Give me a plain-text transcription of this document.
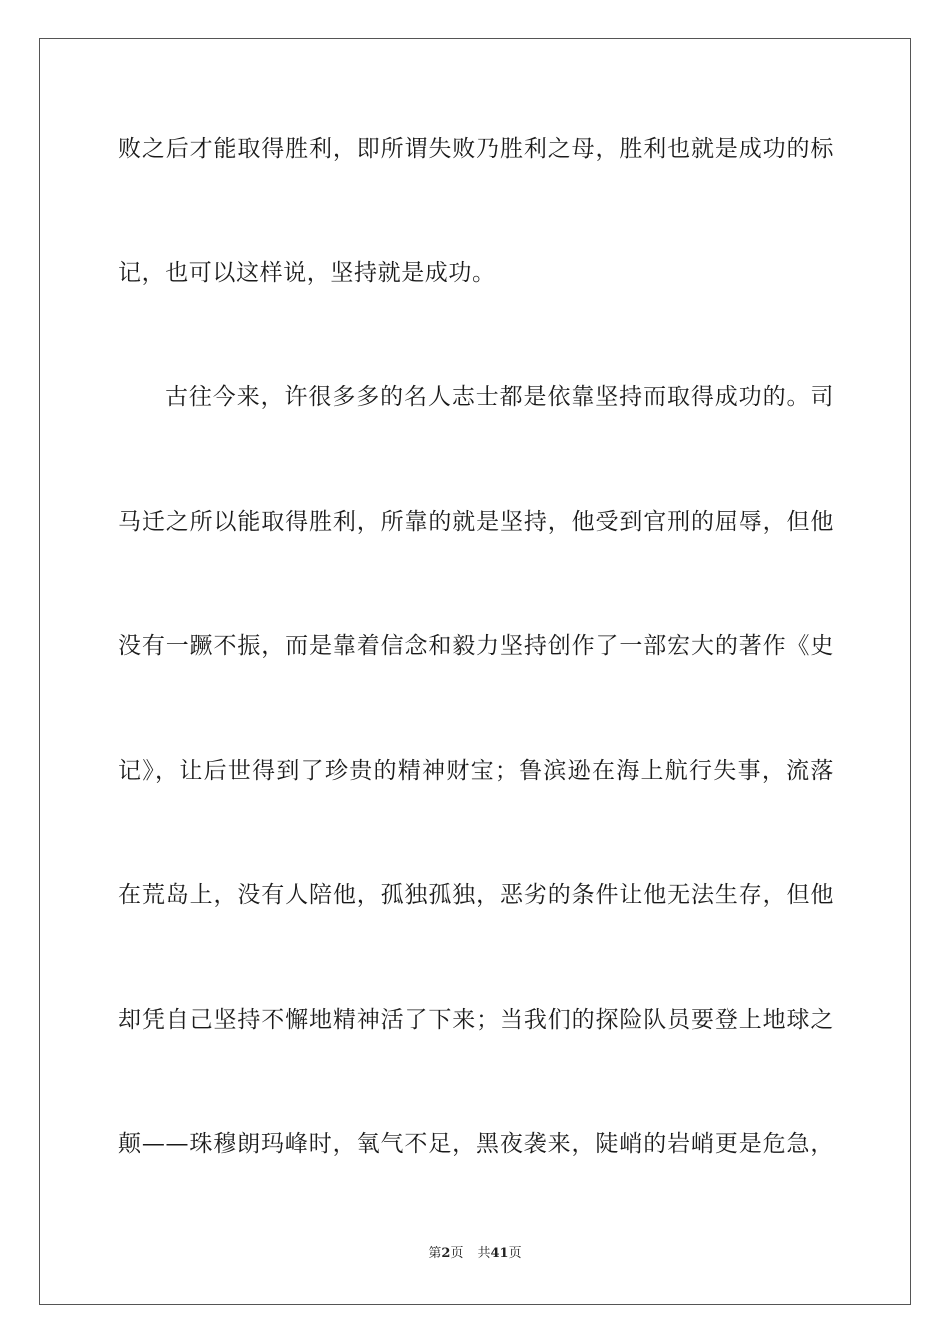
败之后才能取得胜利，即所谓失败乃胜利之母，胜利也就是成功的标
记，也可以这样说，坚持就是成功。
古往今来，许很多多的名人志士都是依靠坚持而取得成功的。司
马迁之所以能取得胜利，所靠的就是坚持，他受到官刑的屈辱，但他
没有一蹶不振，而是靠着信念和毅力坚持创作了一部宏大的著作《史
记》，让后世得到了珍贵的精神财宝；鲁滨逊在海上航行失事，流落
在荒岛上，没有人陪他，孤独孤独，恶劣的条件让他无法生存，但他
却凭自己坚持不懈地精神活了下来；当我们的探险队员要登上地球之
颠——珠穆朗玛峰时，氧气不足，黑夜袭来，陡峭的岩峭更是危急，
第2页 共41页
